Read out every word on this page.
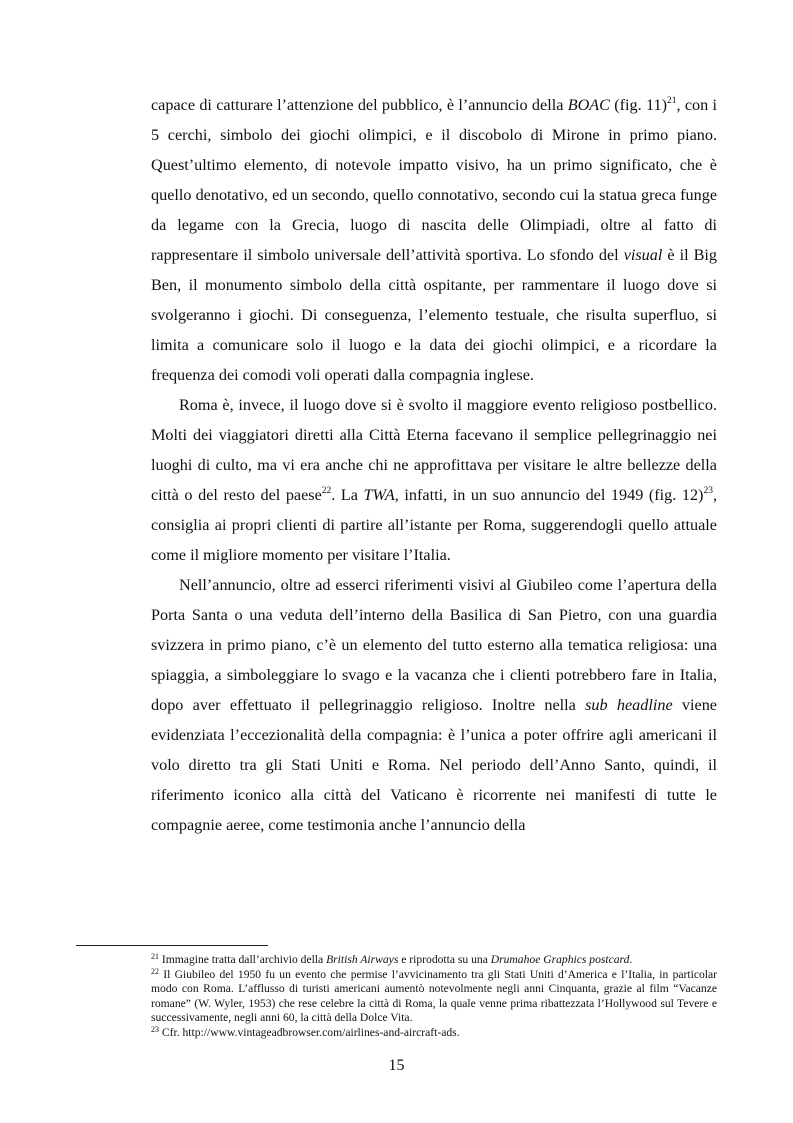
capace di catturare l’attenzione del pubblico, è l’annuncio della BOAC (fig. 11)$^{21}$, con i 5 cerchi, simbolo dei giochi olimpici, e il discobolo di Mirone in primo piano. Quest’ultimo elemento, di notevole impatto visivo, ha un primo significato, che è quello denotativo, ed un secondo, quello connotativo, secondo cui la statua greca funge da legame con la Grecia, luogo di nascita delle Olimpiadi, oltre al fatto di rappresentare il simbolo universale dell’attività sportiva. Lo sfondo del visual è il Big Ben, il monumento simbolo della città ospitante, per rammentare il luogo dove si svolgeranno i giochi. Di conseguenza, l’elemento testuale, che risulta superfluo, si limita a comunicare solo il luogo e la data dei giochi olimpici, e a ricordare la frequenza dei comodi voli operati dalla compagnia inglese.

Roma è, invece, il luogo dove si è svolto il maggiore evento religioso postbellico. Molti dei viaggiatori diretti alla Città Eterna facevano il semplice pellegrinaggio nei luoghi di culto, ma vi era anche chi ne approfittava per visitare le altre bellezze della città o del resto del paese$^{22}$. La TWA, infatti, in un suo annuncio del 1949 (fig. 12)$^{23}$, consiglia ai propri clienti di partire all’istante per Roma, suggerendogli quello attuale come il migliore momento per visitare l’Italia.

Nell’annuncio, oltre ad esserci riferimenti visivi al Giubileo come l’apertura della Porta Santa o una veduta dell’interno della Basilica di San Pietro, con una guardia svizzera in primo piano, c’è un elemento del tutto esterno alla tematica religiosa: una spiaggia, a simboleggiare lo svago e la vacanza che i clienti potrebbero fare in Italia, dopo aver effettuato il pellegrinaggio religioso. Inoltre nella sub headline viene evidenziata l’eccezionalità della compagnia: è l’unica a poter offrire agli americani il volo diretto tra gli Stati Uniti e Roma. Nel periodo dell’Anno Santo, quindi, il riferimento iconico alla città del Vaticano è ricorrente nei manifesti di tutte le compagnie aeree, come testimonia anche l’annuncio della

$^{21}$ Immagine tratta dall’archivio della British Airways e riprodotta su una Drumahoe Graphics postcard.

$^{22}$ Il Giubileo del 1950 fu un evento che permise l’avvicinamento tra gli Stati Uniti d’America e l’Italia, in particolar modo con Roma. L’afflusso di turisti americani aumentò notevolmente negli anni Cinquanta, grazie al film “Vacanze romane” (W. Wyler, 1953) che rese celebre la città di Roma, la quale venne prima ribattezzata l’Hollywood sul Tevere e successivamente, negli anni 60, la città della Dolce Vita.

$^{23}$ Cfr. http://www.vintageadbrowser.com/airlines-and-aircraft-ads.

15
